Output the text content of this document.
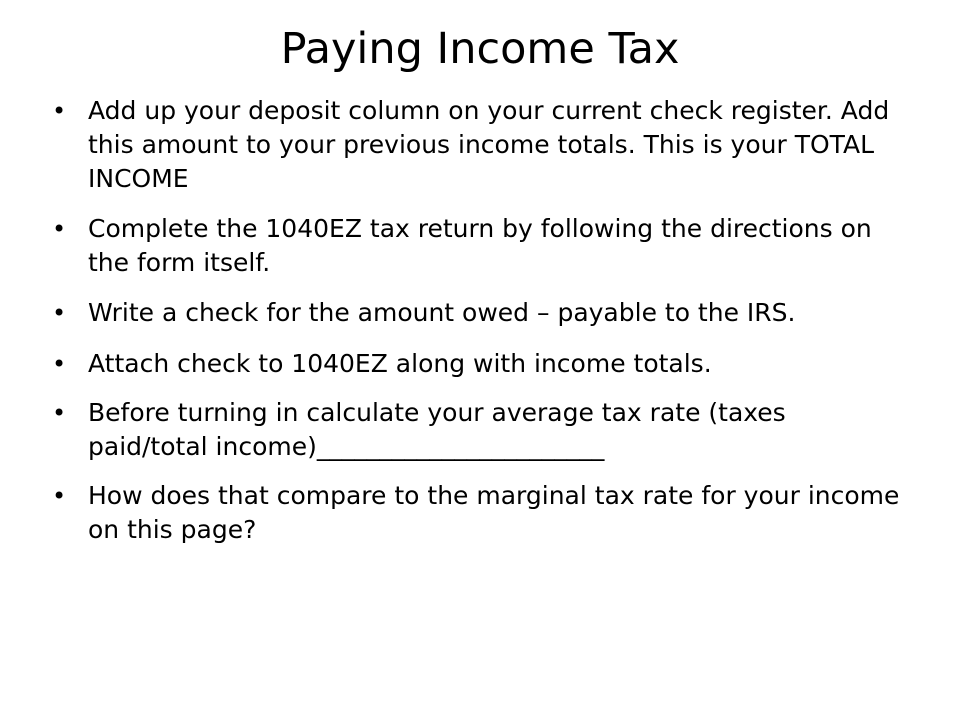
Paying Income Tax
• Add up your deposit column on your current check register. Add this amount to your previous income totals. This is your TOTAL INCOME
• Complete the 1040EZ tax return by following the directions on the form itself.
• Write a check for the amount owed – payable to the IRS.
• Attach check to 1040EZ along with income totals.
• Before turning in calculate your average tax rate (taxes paid/total income)_______________________
• How does that compare to the marginal tax rate for your income on this page?
